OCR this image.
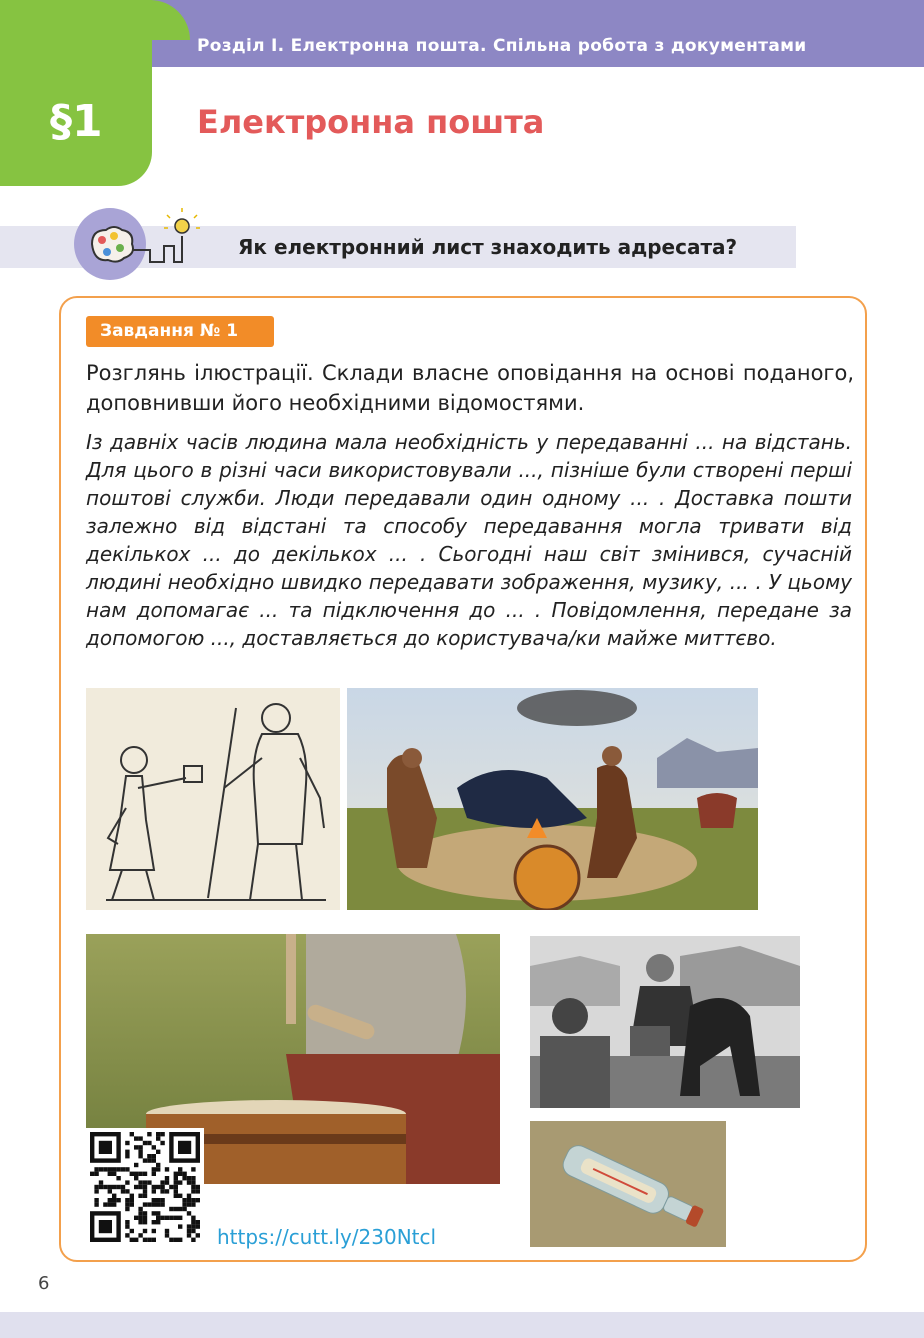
Розділ І. Електронна пошта. Спільна робота з документами
§1	Електронна пошта
Як електронний лист знаходить адресата?
Завдання № 1

Розглянь ілюстрації. Склади власне оповідання на основі поданого, доповнивши його необхідними відомостями.

Із давніх часів людина мала необхідність у передаванні ... на відстань. Для цього в різні часи використовували ..., пізніше були створені перші поштові служби. Люди передавали один одному ... . Доставка пошти залежно від відстані та способу передавання могла тривати від декількох ... до декількох ... . Сьогодні наш світ змінився, сучасній людині необхідно швидко передавати зображення, музику, ... . У цьому нам допомагає ... та підключення до ... . Повідомлення, передане за допомогою ..., доставляється до користувача/ки майже миттєво.

https://cutt.ly/230Ntcl
6
